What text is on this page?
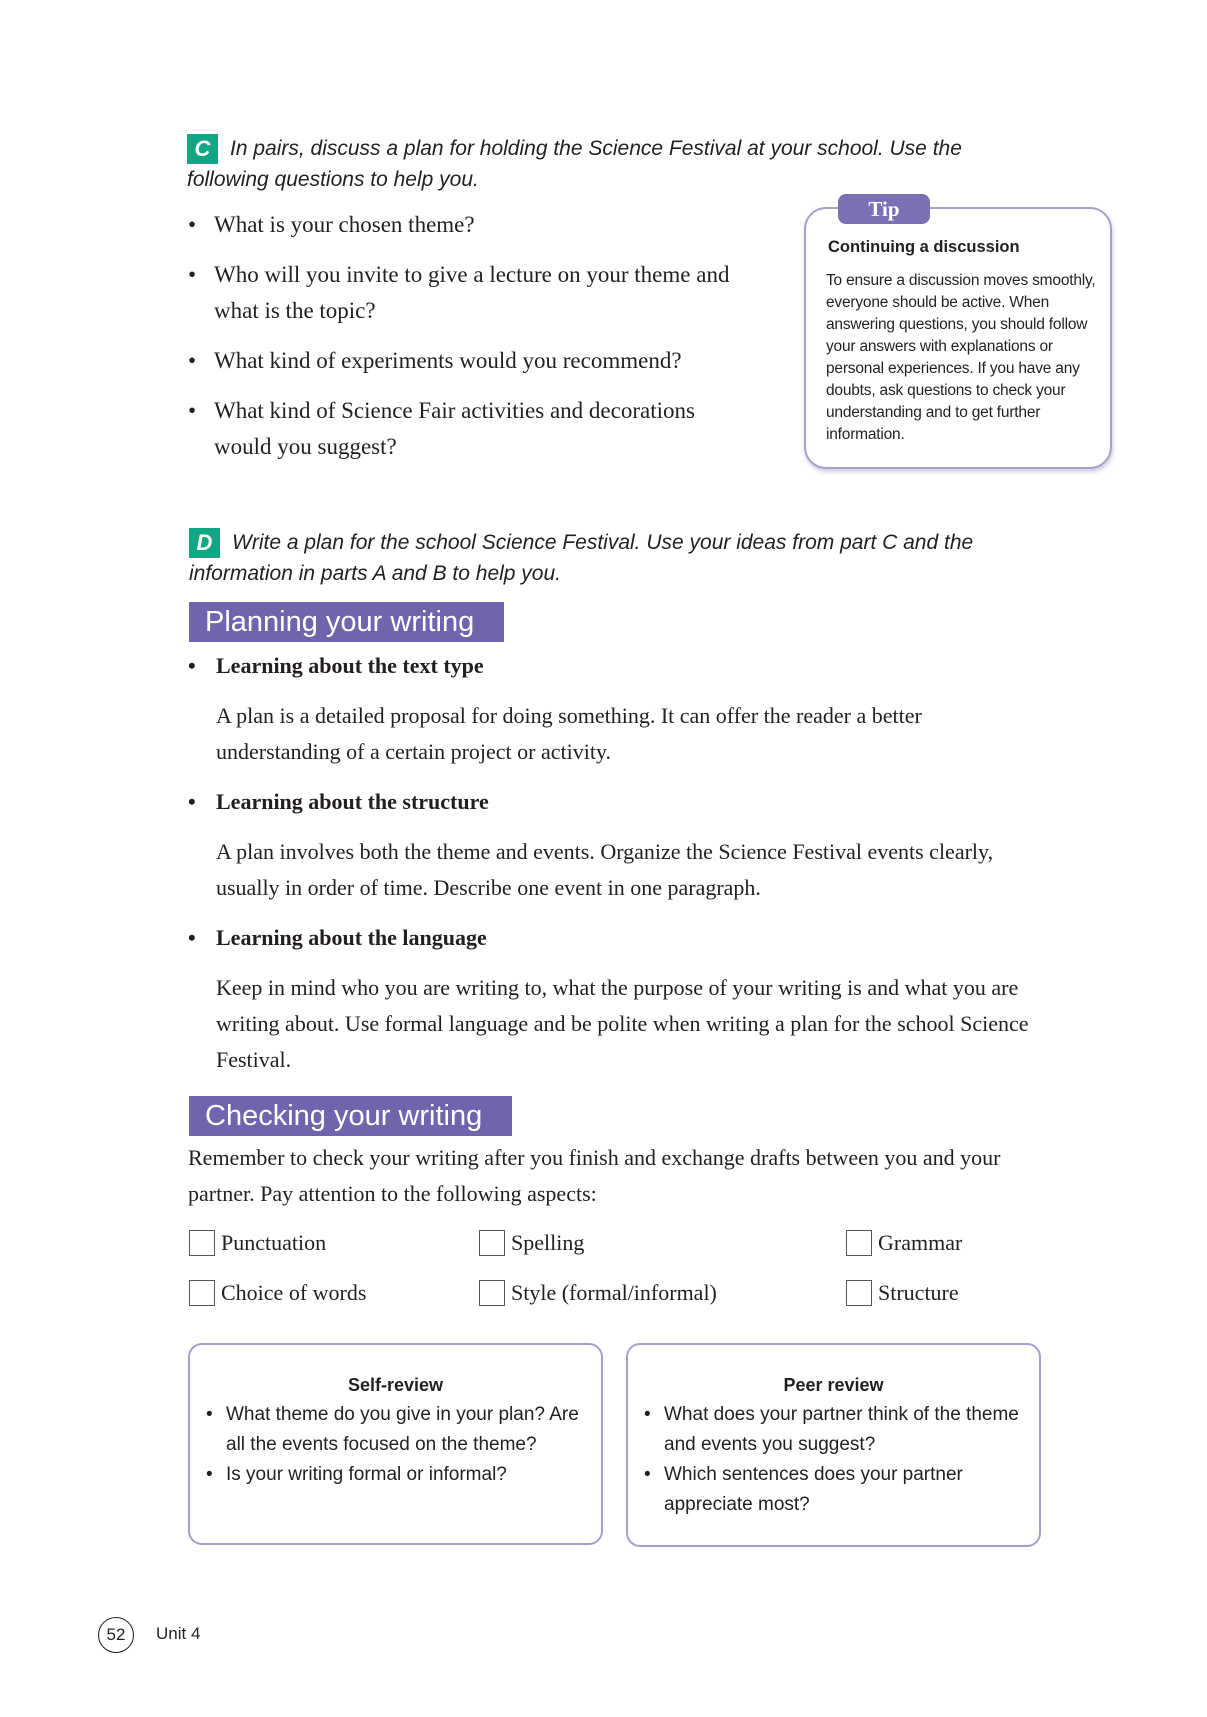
C In pairs, discuss a plan for holding the Science Festival at your school. Use the following questions to help you.
• What is your chosen theme?
• Who will you invite to give a lecture on your theme and what is the topic?
• What kind of experiments would you recommend?
• What kind of Science Fair activities and decorations would you suggest?
Tip
Continuing a discussion
To ensure a discussion moves smoothly, everyone should be active. When answering questions, you should follow your answers with explanations or personal experiences. If you have any doubts, ask questions to check your understanding and to get further information.
D Write a plan for the school Science Festival. Use your ideas from part C and the information in parts A and B to help you.
Planning your writing
• Learning about the text type
A plan is a detailed proposal for doing something. It can offer the reader a better understanding of a certain project or activity.
• Learning about the structure
A plan involves both the theme and events. Organize the Science Festival events clearly, usually in order of time. Describe one event in one paragraph.
• Learning about the language
Keep in mind who you are writing to, what the purpose of your writing is and what you are writing about. Use formal language and be polite when writing a plan for the school Science Festival.
Checking your writing
Remember to check your writing after you finish and exchange drafts between you and your partner. Pay attention to the following aspects:
Punctuation	Spelling	Grammar
Choice of words	Style (formal/informal)	Structure
Self-review
• What theme do you give in your plan? Are all the events focused on the theme?
• Is your writing formal or informal?
Peer review
• What does your partner think of the theme and events you suggest?
• Which sentences does your partner appreciate most?
52	Unit 4
